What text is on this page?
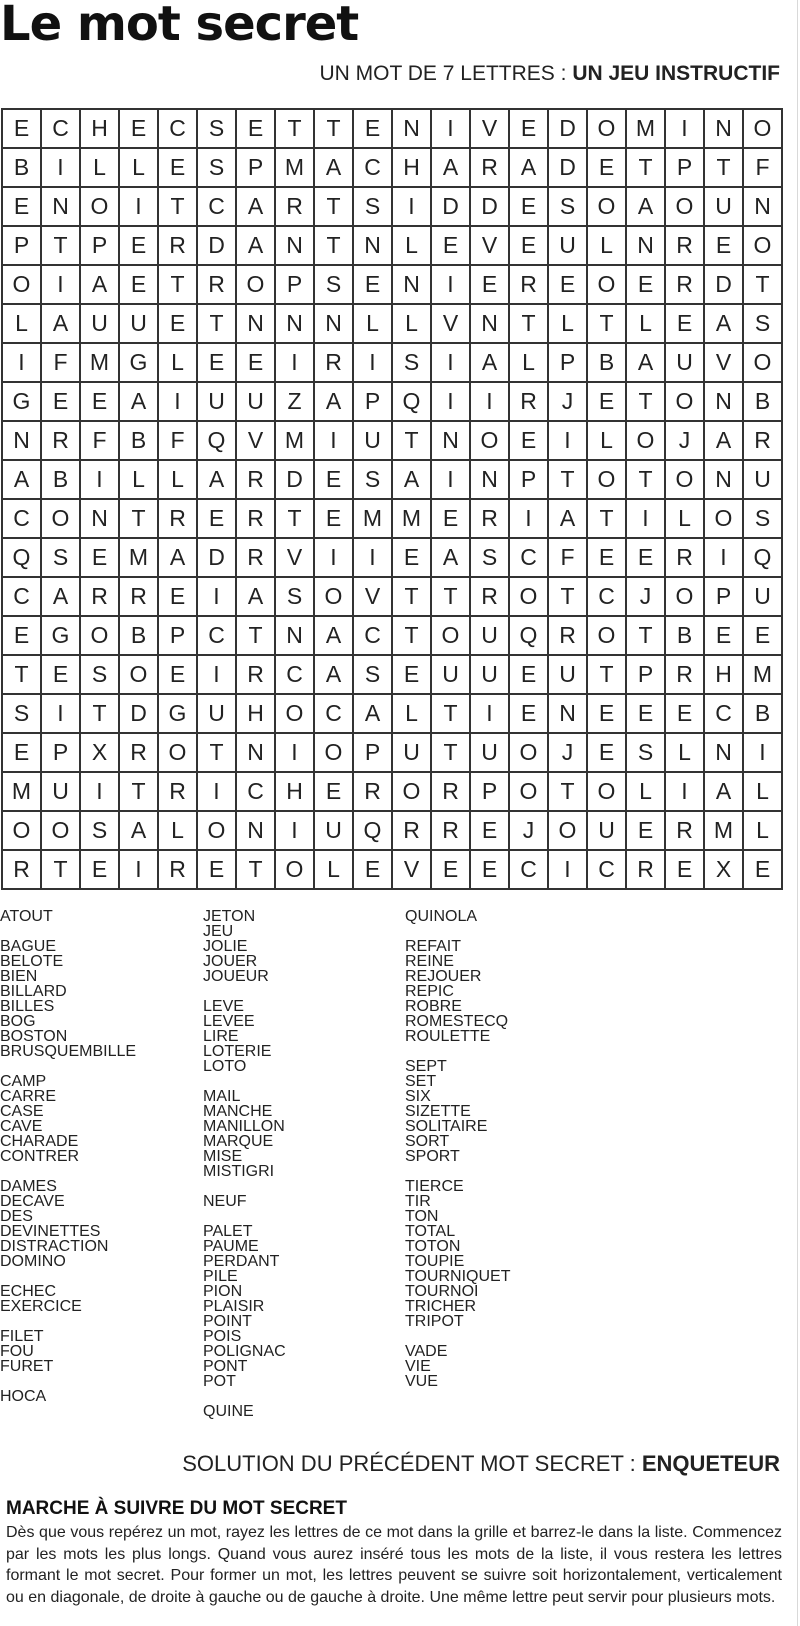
Le mot secret
UN MOT DE 7 LETTRES : UN JEU INSTRUCTIF
E	C H	E	C	S	E	T	T	E	N	I	V	E	D O M	I	N O
B	I	L	L	E	S	P M A	C H	A	R	A	D	E	T	P	T	F
E	N O	I	T	C	A	R	T	S	I	D D	E	S O A O U N
P	T	P	E	R D	A	N	T	N	L	E	V	E	U	L	N R	E O
O	I	A	E	T	R O P	S	E	N	I	E	R	E O E	R D	T
L	A	U U	E	T	N N N	L	L	V	N	T	L	T	L	E	A	S
I	F M G	L	E	E	I	R	I	S	I	A	L	P	B	A	U	V O
G E	E	A	I	U U	Z	A	P Q	I	I	R	J	E	T	O N	B
N R	F	B	F	Q V M	I	U	T	N O E	I	L	O	J	A	R
A	B	I	L	L	A	R D	E	S	A	I	N	P	T	O	T	O N U
C O N	T	R	E	R	T	E M M E	R	I	A	T	I	L	O S
Q S	E M A	D R	V	I	I	E	A	S	C	F	E	E	R	I	Q
C	A	R R	E	I	A	S O V	T	T	R O	T	C	J	O P	U
E G O B	P	C	T	N	A	C	T	O U Q R O	T	B	E	E
T	E	S O E	I	R C	A	S	E	U U	E	U	T	P	R H M
S	I	T	D G U H O C	A	L	T	I	E	N	E	E	E	C	B
E	P	X	R O	T	N	I	O P	U	T	U O	J	E	S	L	N	I
M U	I	T	R	I	C H	E	R O R	P O	T	O	L	I	A	L
O O S	A	L	O N	I	U Q R R	E	J	O U	E	R M	L
R	T	E	I	R	E	T	O	L	E	V	E	E	C	I	C R	E	X	E
ATOUT
BAGUE
BELOTE
BIEN
BILLARD
BILLES
BOG
BOSTON
BRUSQUEMBILLE
CAMP
CARRE
CASE
CAVE
CHARADE
CONTRER
DAMES
DECAVE
DES
DEVINETTES
DISTRACTION
DOMINO
ECHEC
EXERCICE
FILET
FOU
FURET
HOCA
JETON
JEU
JOLIE
JOUER
JOUEUR
LEVE
LEVEE
LIRE
LOTERIE
LOTO
MAIL
MANCHE
MANILLON
MARQUE
MISE
MISTIGRI
NEUF
PALET
PAUME
PERDANT
PILE
PION
PLAISIR
POINT
POIS
POLIGNAC
PONT
POT
QUINE
QUINOLA
REFAIT
REINE
REJOUER
REPIC
ROBRE
ROMESTECQ
ROULETTE
SEPT
SET
SIX
SIZETTE
SOLITAIRE
SORT
SPORT
TIERCE
TIR
TON
TOTAL
TOTON
TOUPIE
TOURNIQUET
TOURNOI
TRICHER
TRIPOT
VADE
VIE
VUE
SOLUTION DU PRÉCÉDENT MOT SECRET : ENQUETEUR
MARCHE À SUIVRE DU MOT SECRET

Dès que vous repérez un mot, rayez les lettres de ce mot dans la grille et barrez-le dans la liste. Commencez par les mots les plus longs. Quand vous aurez inséré tous les mots de la liste, il vous restera les lettres formant le mot secret. Pour former un mot, les lettres peuvent se suivre soit horizontalement, verticalement ou en diagonale, de droite à gauche ou de gauche à droite. Une même lettre peut servir pour plusieurs mots.
